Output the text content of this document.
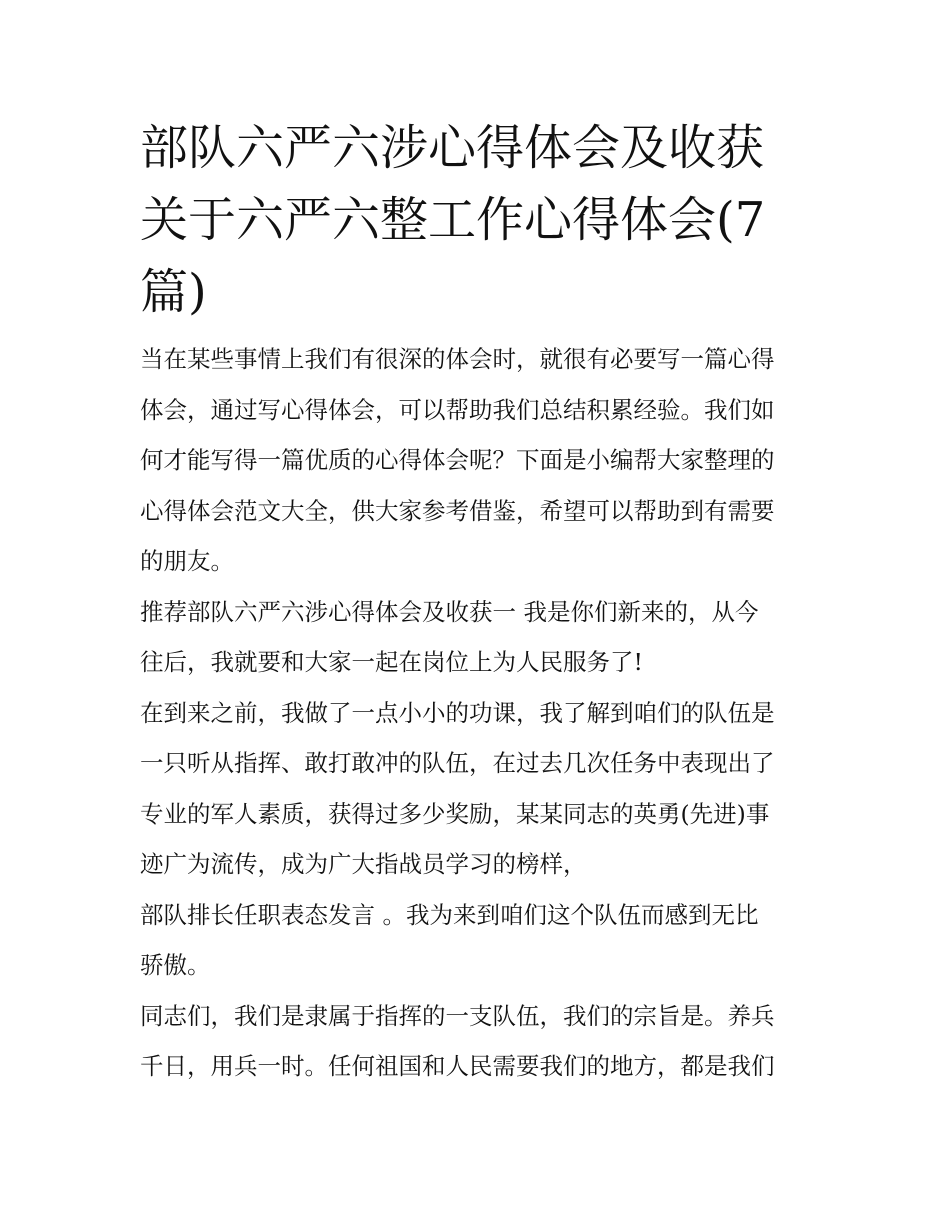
部队六严六涉心得体会及收获
关于六严六整工作心得体会(7
篇)

当在某些事情上我们有很深的体会时，就很有必要写一篇心得
体会，通过写心得体会，可以帮助我们总结积累经验。我们如
何才能写得一篇优质的心得体会呢？下面是小编帮大家整理的
心得体会范文大全，供大家参考借鉴，希望可以帮助到有需要
的朋友。

推荐部队六严六涉心得体会及收获一 我是你们新来的，从今
往后，我就要和大家一起在岗位上为人民服务了!

在到来之前，我做了一点小小的功课，我了解到咱们的队伍是
一只听从指挥、敢打敢冲的队伍，在过去几次任务中表现出了
专业的军人素质，获得过多少奖励，某某同志的英勇(先进)事
迹广为流传，成为广大指战员学习的榜样，

部队排长任职表态发言 。我为来到咱们这个队伍而感到无比
骄傲。

同志们，我们是隶属于指挥的一支队伍，我们的宗旨是。养兵
千日，用兵一时。任何祖国和人民需要我们的地方，都是我们
